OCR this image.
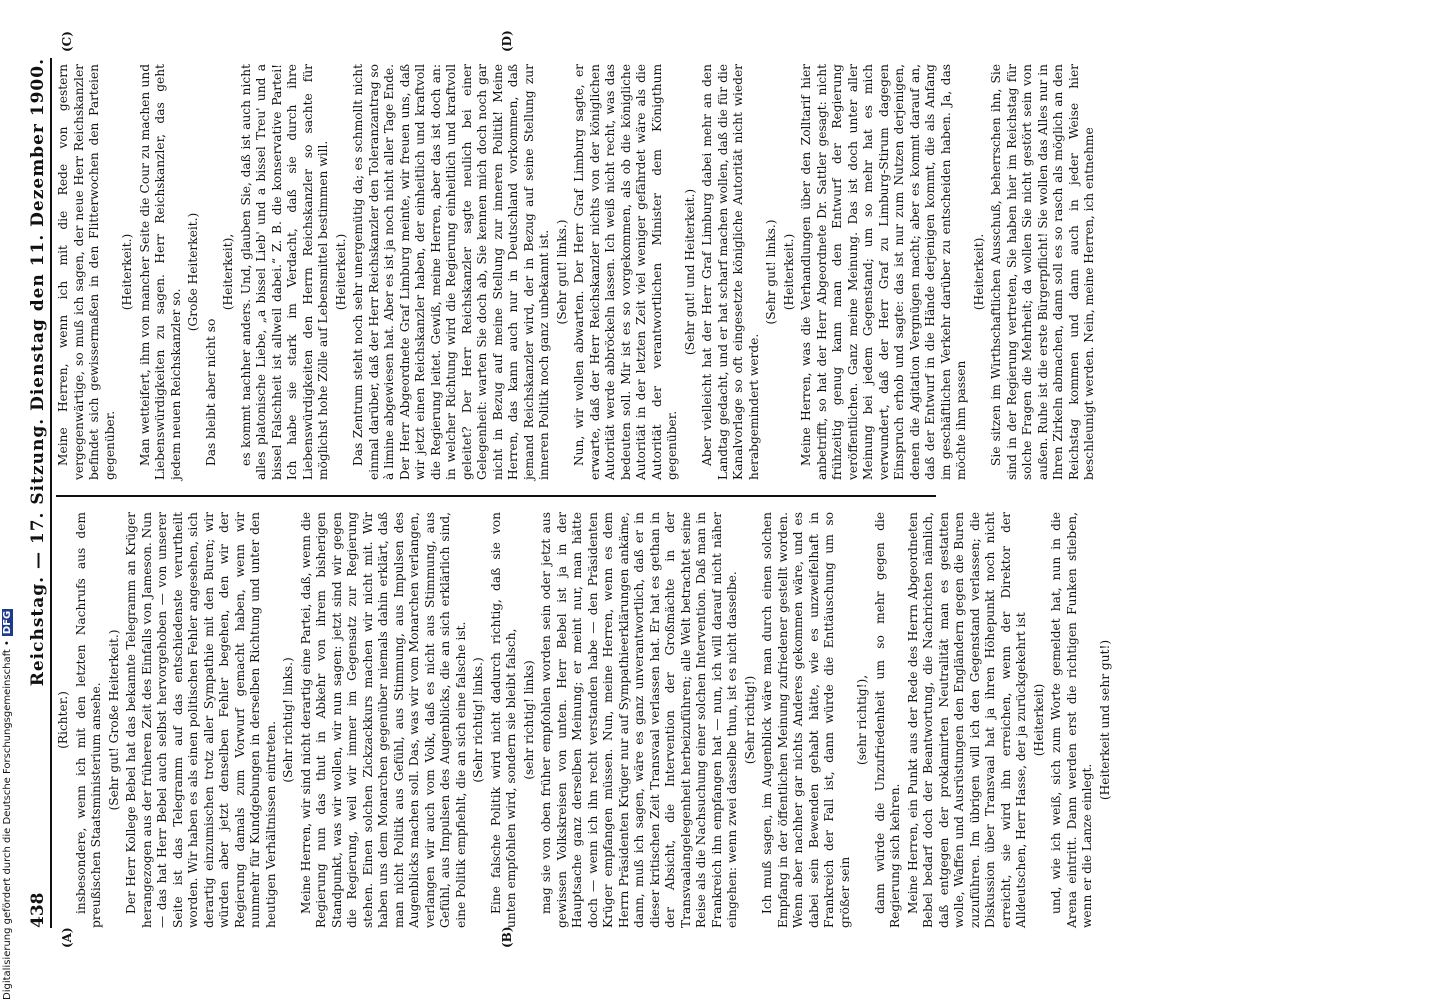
438
Reichstag. — 17. Sitzung. Dienstag den 11. Dezember 1900.
(A)	(B)
(C)	(D)
(Richter.) insbesondere, wenn ich mit den letzten Nachrufs aus dem preußischen Staatsministerium ansehe. (Sehr gut! Große Heiterkeit.) Der Herr Kollege Bebel hat das bekannte Telegramm an Krüger herangezogen aus der früheren Zeit des Einfalls von Jameson. Nun — das hat Herr Bebel auch selbst hervorgehoben — von unserer Seite ist das Telegramm auf das entschiedenste verurtheilt worden. Wir haben es als einen politischen Fehler angesehen, sich derartig einzumischen trotz aller Sympathie mit den Buren; wir würden aber jetzt denselben Fehler begehen, den wir der Regierung damals zum Vorwurf gemacht haben, wenn wir nunmehr für Kundgebungen in derselben Richtung und unter den heutigen Verhältnissen eintreten.
(Sehr richtig! links.) Meine Herren, wir sind nicht derartig eine Partei, daß, wenn die Regierung nun das thut in Abkehr von ihrem bisherigen Standpunkt, was wir wollen, wir nun sagen: jetzt sind wir gegen die Regierung, weil wir immer im Gegensatz zur Regierung stehen. Einen solchen Zickzackkurs machen wir nicht mit. Wir haben uns dem Monarchen gegenüber niemals dahin erklärt, daß man nicht Politik aus Gefühl, aus Stimmung, aus Impulsen des Augenblicks machen soll. Das, was wir vom Monarchen verlangen, verlangen wir auch vom Volk, daß es nicht aus Stimmung, aus Gefühl, aus Impulsen des Augenblicks, die an sich erklärlich sind, eine Politik empfiehlt, die an sich eine falsche ist. (Sehr richtig! links.) Eine falsche Politik wird nicht dadurch richtig, daß sie von unten empfohlen wird, sondern sie bleibt falsch, (sehr richtig! links) mag sie von oben früher empfohlen worden sein oder jetzt aus gewissen Volkskreisen von unten. Herr Bebel ist ja in der Hauptsache ganz derselben Meinung; er meint nur, man hätte doch — wenn ich ihn recht verstanden habe — den Präsidenten Krüger empfangen müssen. Nun, meine Herren, wenn es dem Herrn Präsidenten Krüger nur auf Sympathieerklärungen ankäme, dann, muß ich sagen, wäre es ganz unverantwortlich, daß er in dieser kritischen Zeit Transvaal verlassen hat. Er hat es gethan in der Absicht, die Intervention der Großmächte in der Transvaalangelegenheit herbeizuführen; alle Welt betrachtet seine Reise als die Nachsuchung einer solchen Intervention. Daß man in Frankreich ihn empfangen hat — nun, ich will darauf nicht näher eingehen: wenn zwei dasselbe thun, ist es nicht dasselbe. (Sehr richtig!) Ich muß sagen, im Augenblick wäre man durch einen solchen Empfang in der öffentlichen Meinung zufriedener gestellt worden. Wenn aber nachher gar nichts Anderes gekommen wäre, und es dabei sein Bewenden gehabt hätte, wie es unzweifelhaft in Frankreich der Fall ist, dann würde die Enttäuschung um so größer sein
(sehr richtig!), dann würde die Unzufriedenheit um so mehr gegen die Regierung sich kehren. Meine Herren, ein Punkt aus der Rede des Herrn Abgeordneten Bebel bedarf doch der Beantwortung, die Nachrichten nämlich, daß entgegen der proklamirten Neutralität man es gestatten wolle, Waffen und Ausrüstungen den Engländern gegen die Buren zuzuführen. Im übrigen will ich den Gegenstand verlassen; die Diskussion über Transvaal hat ja ihren Höhepunkt noch nicht erreicht, sie wird ihn erreichen, wenn der Direktor der Alldeutschen, Herr Hasse, der ja zurückgekehrt ist (Heiterkeit) und, wie ich weiß, sich zum Worte gemeldet hat, nun in die Arena eintritt. Dann werden erst die richtigen Funken stieben, wenn er die Lanze einlegt.
(Heiterkeit und sehr gut!)
Meine Herren, wenn ich mit die Rede von gestern vergegenwärtige, so muß ich sagen, der neue Herr Reichskanzler befindet sich gewissermaßen in den Flitterwochen den Parteien gegenüber.
(Heiterkeit.) Man wetteifert, ihm von mancher Seite die Cour zu machen und Liebenswürdigkeiten zu sagen. Herr Reichskanzler, das geht jedem neuen Reichskanzler so.
(Große Heiterkeit.)
Das bleibt aber nicht so
(Heiterkeit), es kommt nachher anders. Und, glauben Sie, daß ist auch nicht alles platonische Liebe, „a bissel Lieb' und a bissel Treu' und a bissel Falschheit ist allweil dabei.“ Z. B. die konservative Partei! Ich habe sie stark im Verdacht, daß sie durch ihre Liebenswürdigkeiten den Herrn Reichskanzler so sachte für möglichst hohe Zölle auf Lebensmittel bestimmen will. (Heiterkeit.) Das Zentrum steht noch sehr unergemütig da; es schmollt nicht einmal darüber, daß der Herr Reichskanzler den Toleranzantrag so à limine abgewiesen hat. Aber es ist ja noch nicht aller Tage Ende. Der Herr Abgeordnete Graf Limburg meinte, wir freuen uns, daß wir jetzt einen Reichskanzler haben, der einheitlich und kraftvoll die Regierung leitet. Gewiß, meine Herren, aber das ist doch an: in welcher Richtung wird die Regierung einheitlich und kraftvoll geleitet? Der Herr Reichskanzler sagte neulich bei einer Gelegenheit: warten Sie doch ab, Sie kennen mich doch noch gar nicht in Bezug auf meine Stellung zur inneren Politik! Meine Herren, das kann auch nur in Deutschland vorkommen, daß jemand Reichskanzler wird, der in Bezug auf seine Stellung zur inneren Politik noch ganz unbekannt ist. (Sehr gut! links.) Nun, wir wollen abwarten. Der Herr Graf Limburg sagte, er erwarte, daß der Herr Reichskanzler nichts von der königlichen Autorität werde abbröckeln lassen. Ich weiß nicht recht, was das bedeuten soll. Mir ist es so vorgekommen, als ob die königliche Autorität in der letzten Zeit viel weniger gefährdet wäre als die Autorität der verantwortlichen Minister dem Königthum gegenüber.
(Sehr gut! und Heiterkeit.) Aber vielleicht hat der Herr Graf Limburg dabei mehr an den Landtag gedacht, und er hat scharf machen wollen, daß die für die Kanalvorlage so oft eingesetzte königliche Autorität nicht wieder herabgemindert werde.
(Sehr gut! links.) (Heiterkeit.) Meine Herren, was die Verhandlungen über den Zolltarif hier anbetrifft, so hat der Herr Abgeordnete Dr. Sattler gesagt: nicht frühzeitig genug kann man den Entwurf der Regierung veröffentlichen. Ganz meine Meinung. Das ist doch unter aller Meinung bei jedem Gegenstand; um so mehr hat es mich verwundert, daß der Herr Graf zu Limburg-Stirum dagegen Einspruch erhob und sagte: das ist nur zum Nutzen derjenigen, denen die Agitation Vergnügen macht; aber es kommt darauf an, daß der Entwurf in die Hände derjenigen kommt, die als Anfang im geschäftlichen Verkehr darüber zu entscheiden haben. Ja, das möchte ihm passen
(Heiterkeit). Sie sitzen im Wirthschaftlichen Ausschuß, beherrschen ihn, Sie sind in der Regierung vertreten, Sie haben hier im Reichstag für solche Fragen die Mehrheit; da wollen Sie nicht gestört sein von außen. Ruhe ist die erste Bürgerpflicht! Sie wollen das Alles nur in Ihren Zirkeln abmachen, dann soll es so rasch als möglich an den Reichstag kommen und dann auch in jeder Weise hier beschleunigt werden. Nein, meine Herren, ich entnehme
Digitalisierung gefördert durch die Deutsche Forschungsgemeinschaft •
DFG
